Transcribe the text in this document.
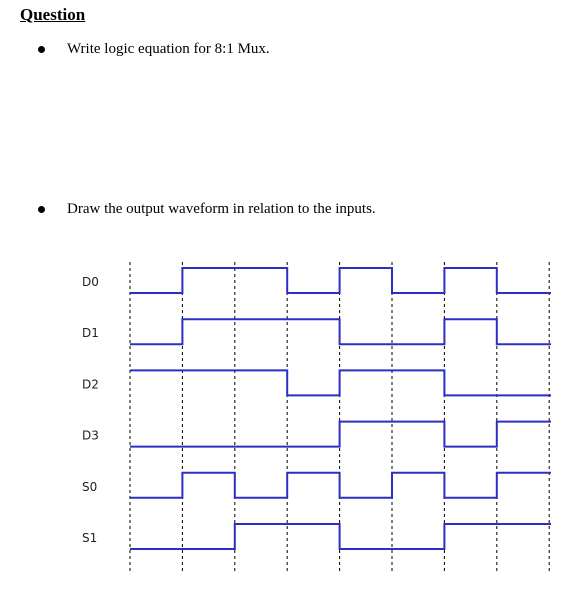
Question
Write logic equation for 8:1 Mux.
Draw the output waveform in relation to the inputs.
D0
D1
D2
D3
S0
S1
